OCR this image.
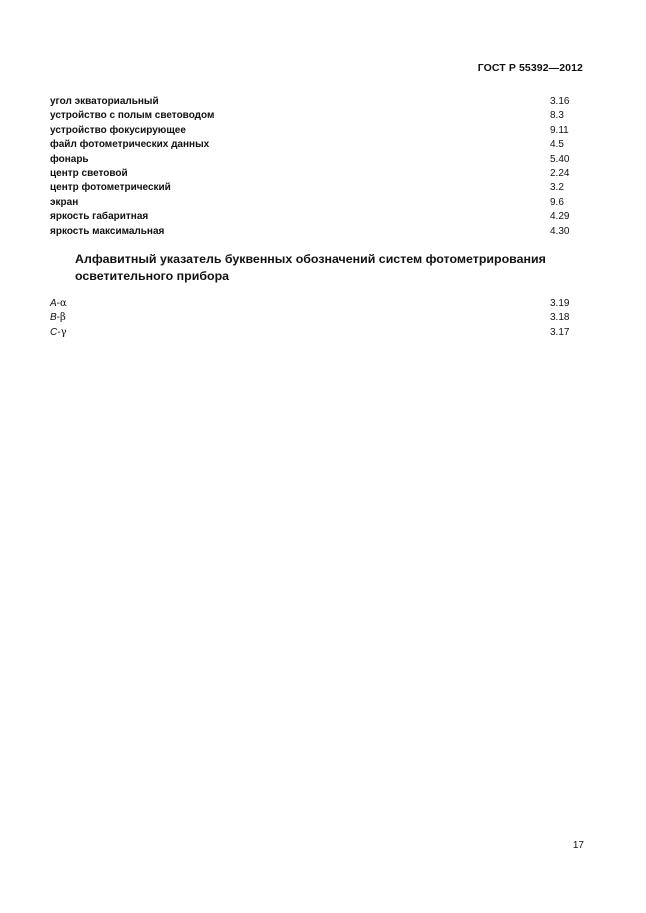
ГОСТ Р 55392—2012
угол экваториальный	3.16
устройство с полым световодом	8.3
устройство фокусирующее	9.11
файл фотометрических данных	4.5
фонарь	5.40
центр световой	2.24
центр фотометрический	3.2
экран	9.6
яркость габаритная	4.29
яркость максимальная	4.30
Алфавитный указатель буквенных обозначений систем фотометрирования осветительного прибора
A-α	3.19
B-β	3.18
C-γ	3.17
17
